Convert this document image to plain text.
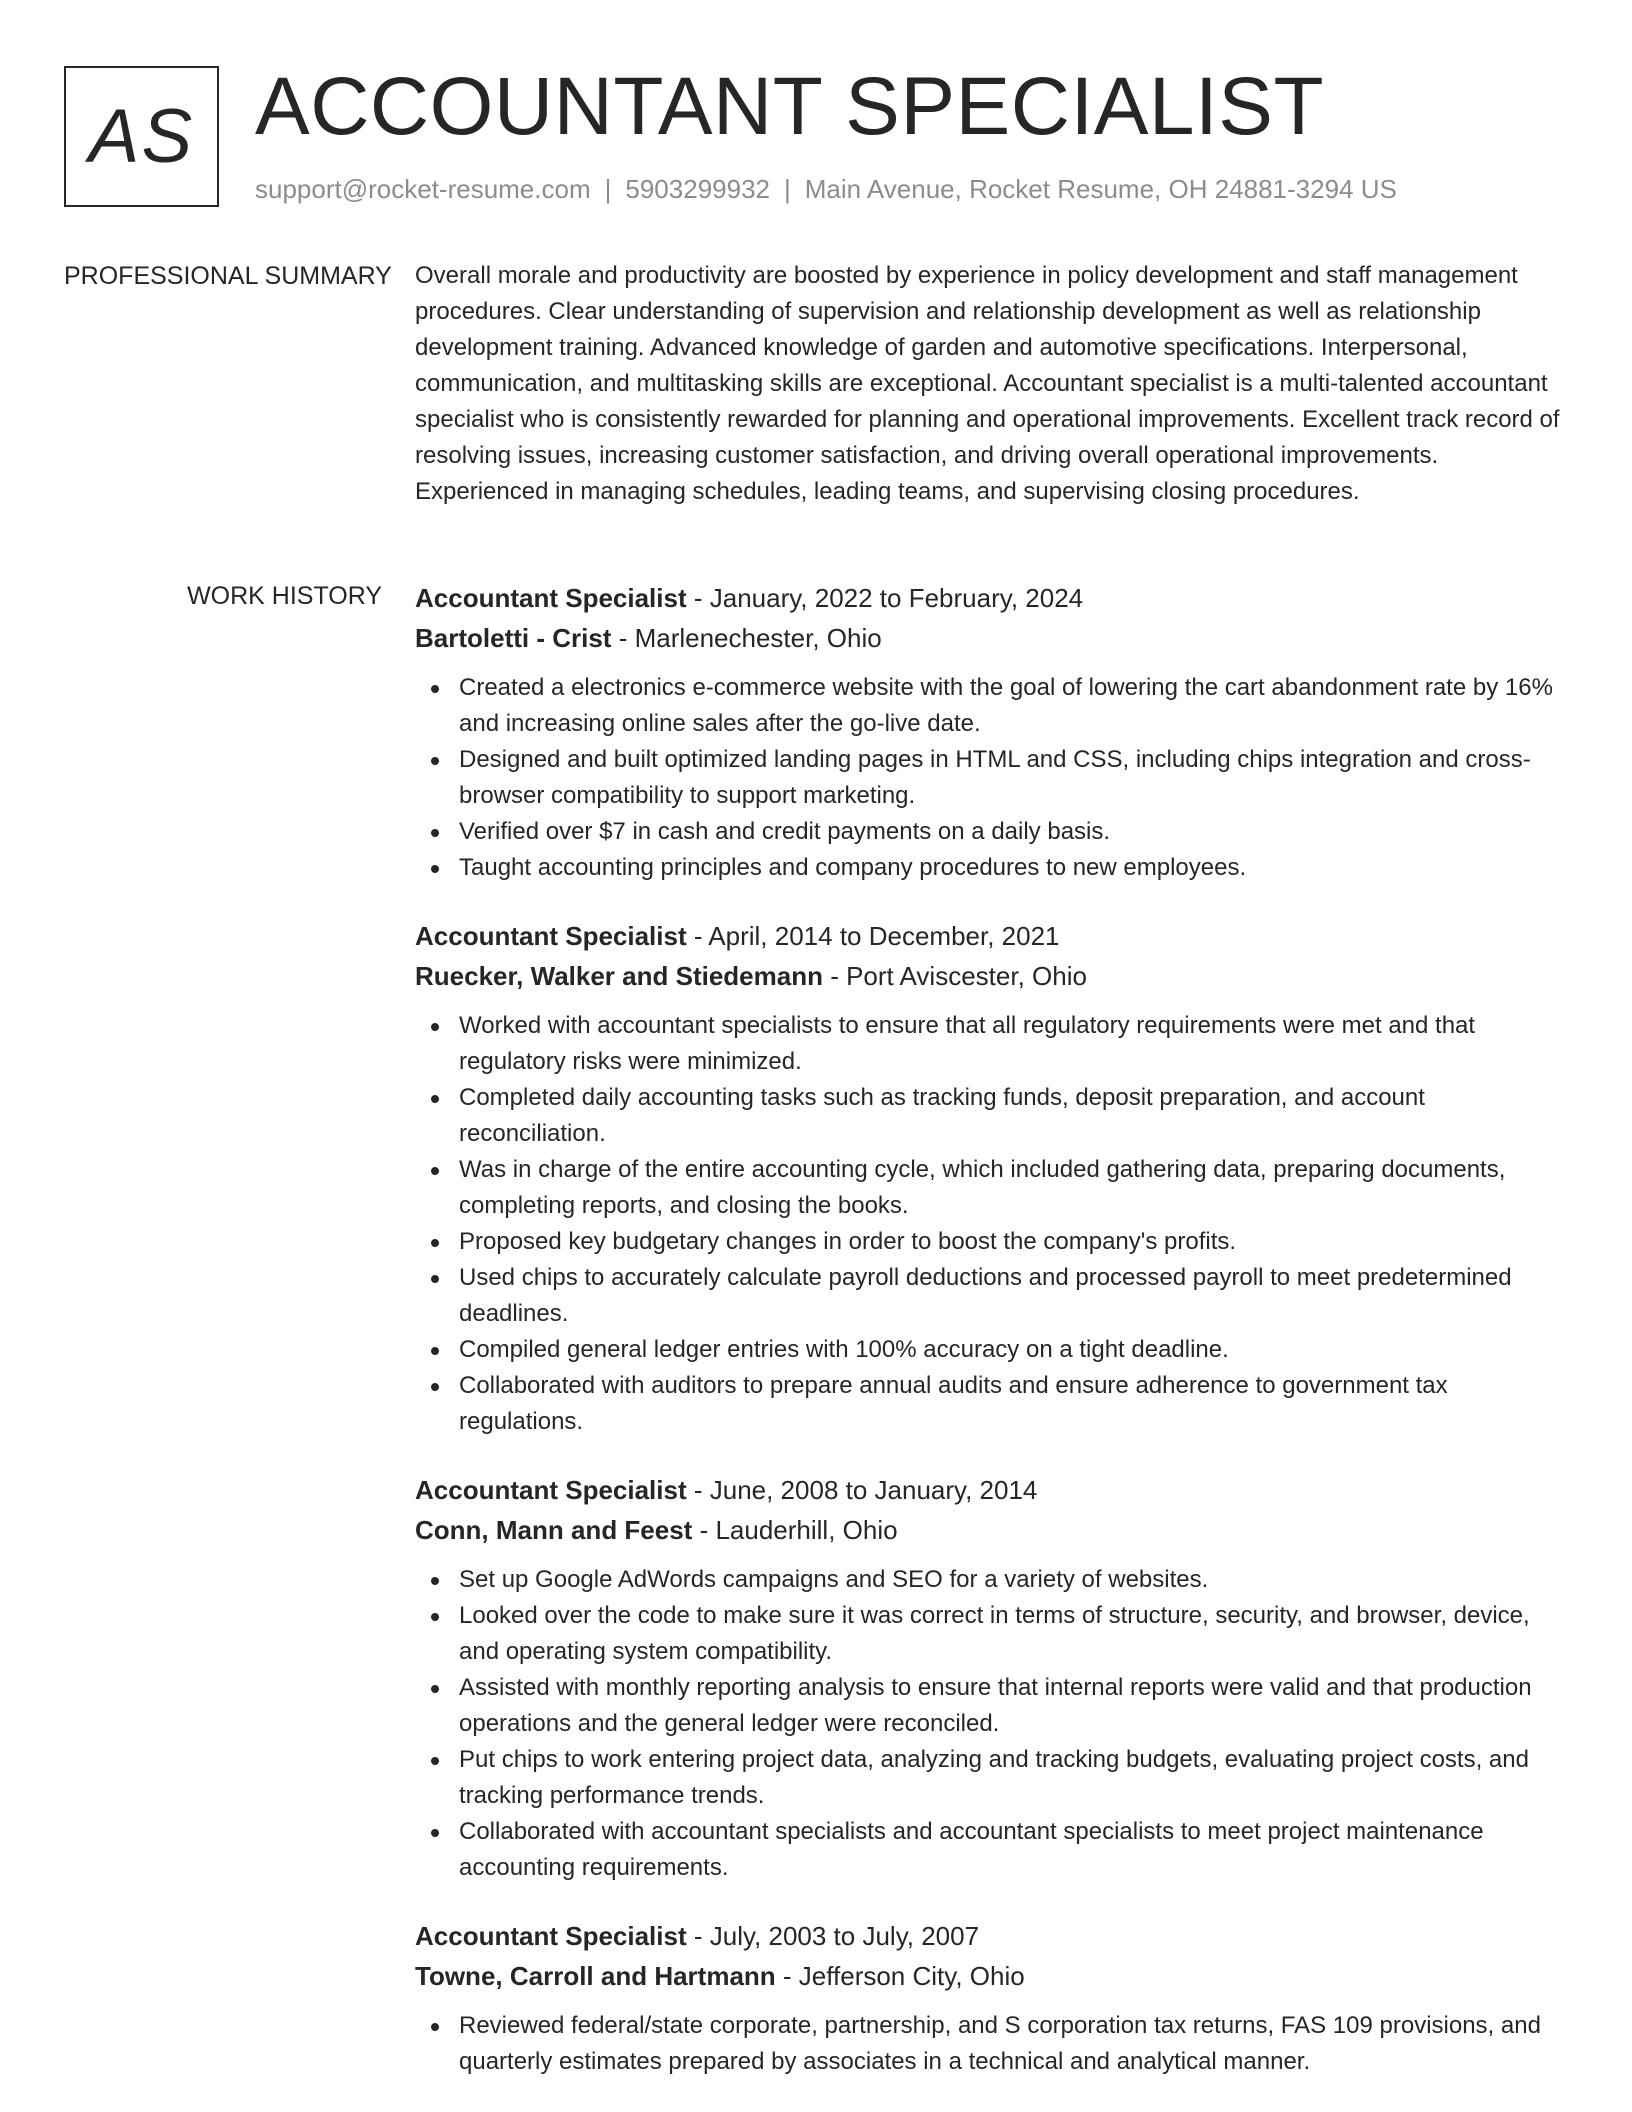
AS ACCOUNTANT SPECIALIST
support@rocket-resume.com | 5903299932 | Main Avenue, Rocket Resume, OH 24881-3294 US
PROFESSIONAL SUMMARY Overall morale and productivity are boosted by experience in policy development and staff management procedures. Clear understanding of supervision and relationship development as well as relationship development training. Advanced knowledge of garden and automotive specifications. Interpersonal, communication, and multitasking skills are exceptional. Accountant specialist is a multi-talented accountant specialist who is consistently rewarded for planning and operational improvements. Excellent track record of resolving issues, increasing customer satisfaction, and driving overall operational improvements. Experienced in managing schedules, leading teams, and supervising closing procedures.

WORK HISTORY	Accountant Specialist - January, 2022 to February, 2024
Bartoletti - Crist - Marlenechester, Ohio
Created a electronics e-commerce website with the goal of lowering the cart abandonment rate by 16% and increasing online sales after the go-live date.
Designed and built optimized landing pages in HTML and CSS, including chips integration and cross-browser compatibility to support marketing.
Verified over $7 in cash and credit payments on a daily basis.
Taught accounting principles and company procedures to new employees.
Accountant Specialist - April, 2014 to December, 2021
Ruecker, Walker and Stiedemann - Port Aviscester, Ohio
Worked with accountant specialists to ensure that all regulatory requirements were met and that regulatory risks were minimized.
Completed daily accounting tasks such as tracking funds, deposit preparation, and account reconciliation.
Was in charge of the entire accounting cycle, which included gathering data, preparing documents, completing reports, and closing the books.
Proposed key budgetary changes in order to boost the company's profits.
Used chips to accurately calculate payroll deductions and processed payroll to meet predetermined deadlines.
Compiled general ledger entries with 100% accuracy on a tight deadline.
Collaborated with auditors to prepare annual audits and ensure adherence to government tax regulations.
Accountant Specialist - June, 2008 to January, 2014
Conn, Mann and Feest - Lauderhill, Ohio
Set up Google AdWords campaigns and SEO for a variety of websites.
Looked over the code to make sure it was correct in terms of structure, security, and browser, device, and operating system compatibility.
Assisted with monthly reporting analysis to ensure that internal reports were valid and that production operations and the general ledger were reconciled.
Put chips to work entering project data, analyzing and tracking budgets, evaluating project costs, and tracking performance trends.
Collaborated with accountant specialists and accountant specialists to meet project maintenance accounting requirements.
Accountant Specialist - July, 2003 to July, 2007
Towne, Carroll and Hartmann - Jefferson City, Ohio
Reviewed federal/state corporate, partnership, and S corporation tax returns, FAS 109 provisions, and quarterly estimates prepared by associates in a technical and analytical manner.
